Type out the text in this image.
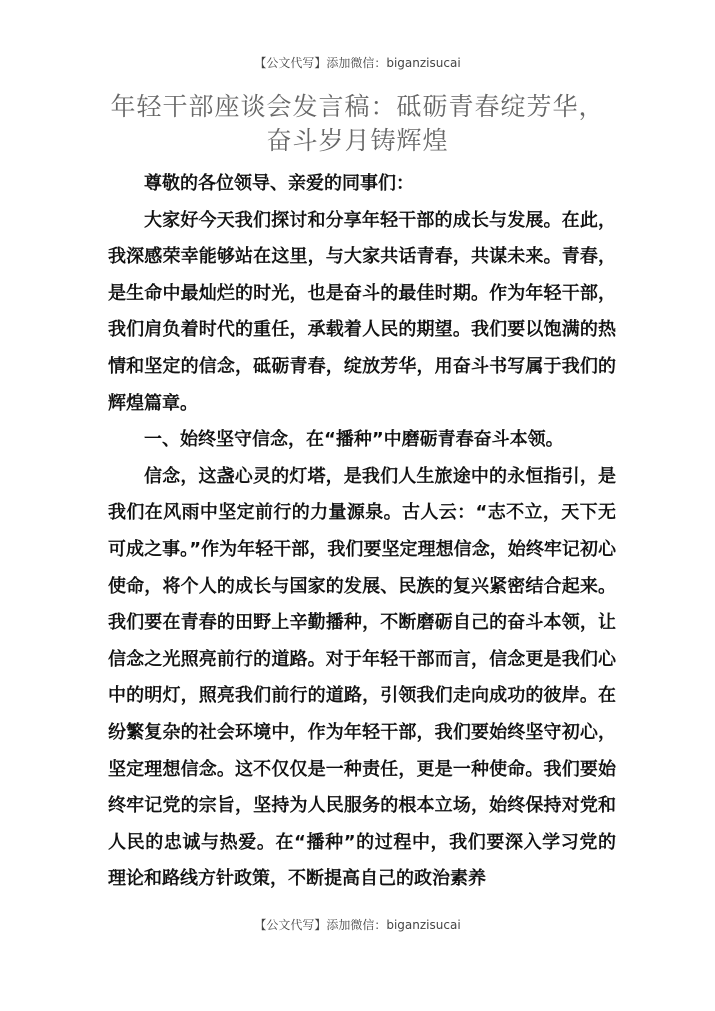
【公文代写】添加微信：biganzisucai
年轻干部座谈会发言稿：砥砺青春绽芳华，
奋斗岁月铸辉煌

尊敬的各位领导、亲爱的同事们：

大家好今天我们探讨和分享年轻干部的成长与发展。在此，我深感荣幸能够站在这里，与大家共话青春，共谋未来。青春，是生命中最灿烂的时光，也是奋斗的最佳时期。作为年轻干部，我们肩负着时代的重任，承载着人民的期望。我们要以饱满的热情和坚定的信念，砥砺青春，绽放芳华，用奋斗书写属于我们的辉煌篇章。

一、始终坚守信念，在“播种”中磨砺青春奋斗本领。

信念，这盏心灵的灯塔，是我们人生旅途中的永恒指引，是我们在风雨中坚定前行的力量源泉。古人云：“志不立，天下无可成之事。”作为年轻干部，我们要坚定理想信念，始终牢记初心使命，将个人的成长与国家的发展、民族的复兴紧密结合起来。我们要在青春的田野上辛勤播种，不断磨砺自己的奋斗本领，让信念之光照亮前行的道路。对于年轻干部而言，信念更是我们心中的明灯，照亮我们前行的道路，引领我们走向成功的彼岸。在纷繁复杂的社会环境中，作为年轻干部，我们要始终坚守初心，坚定理想信念。这不仅仅是一种责任，更是一种使命。我们要始终牢记党的宗旨，坚持为人民服务的根本立场，始终保持对党和人民的忠诚与热爱。在“播种”的过程中，我们要深入学习党的理论和路线方针政策，不断提高自己的政治素养

【公文代写】添加微信：biganzisucai
